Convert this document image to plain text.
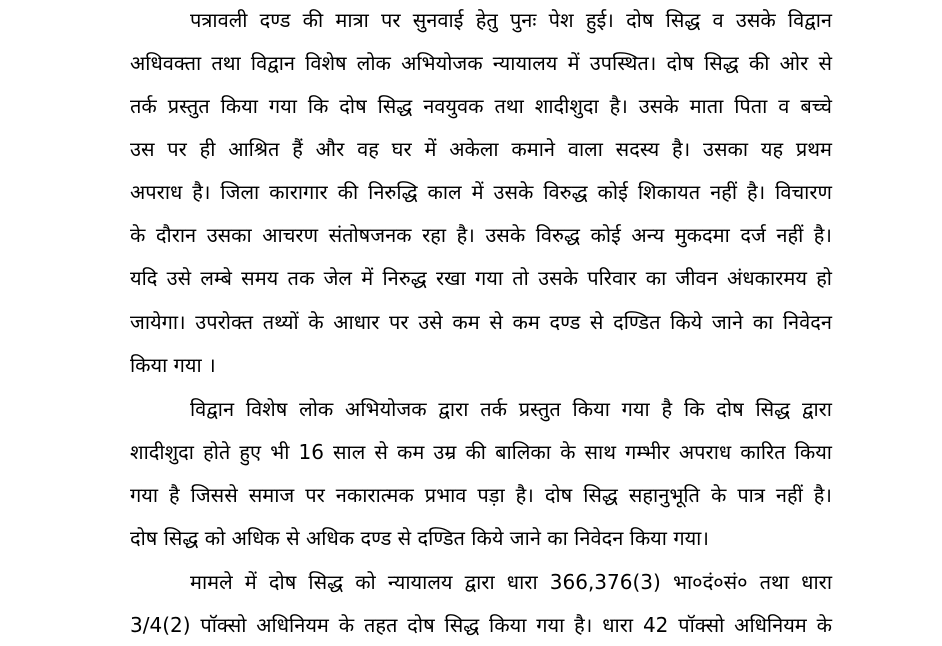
पत्रावली दण्ड की मात्रा पर सुनवाई हेतु पुनः पेश हुई। दोष सिद्ध व उसके विद्वान
अधिवक्ता तथा विद्वान विशेष लोक अभियोजक न्यायालय में उपस्थित। दोष सिद्ध की ओर से
तर्क प्रस्तुत किया गया कि दोष सिद्ध नवयुवक तथा शादीशुदा है। उसके माता पिता व बच्चे
उस पर ही आश्रित हैं और वह घर में अकेला कमाने वाला सदस्य है। उसका यह प्रथम
अपराध है। जिला कारागार की निरुद्धि काल में उसके विरुद्ध कोई शिकायत नहीं है। विचारण
के दौरान उसका आचरण संतोषजनक रहा है। उसके विरुद्ध कोई अन्य मुकदमा दर्ज नहीं है।
यदि उसे लम्बे समय तक जेल में निरुद्ध रखा गया तो उसके परिवार का जीवन अंधकारमय हो
जायेगा। उपरोक्त तथ्यों के आधार पर उसे कम से कम दण्ड से दण्डित किये जाने का निवेदन
किया गया ।
विद्वान विशेष लोक अभियोजक द्वारा तर्क प्रस्तुत किया गया है कि दोष सिद्ध द्वारा
शादीशुदा होते हुए भी 16 साल से कम उम्र की बालिका के साथ गम्भीर अपराध कारित किया
गया है जिससे समाज पर नकारात्मक प्रभाव पड़ा है। दोष सिद्ध सहानुभूति के पात्र नहीं है।
दोष सिद्ध को अधिक से अधिक दण्ड से दण्डित किये जाने का निवेदन किया गया।
मामले में दोष सिद्ध को न्यायालय द्वारा धारा 366,376(3) भा०दं०सं० तथा धारा
3/4(2) पॉक्सो अधिनियम के तहत दोष सिद्ध किया गया है। धारा 42 पॉक्सो अधिनियम के
